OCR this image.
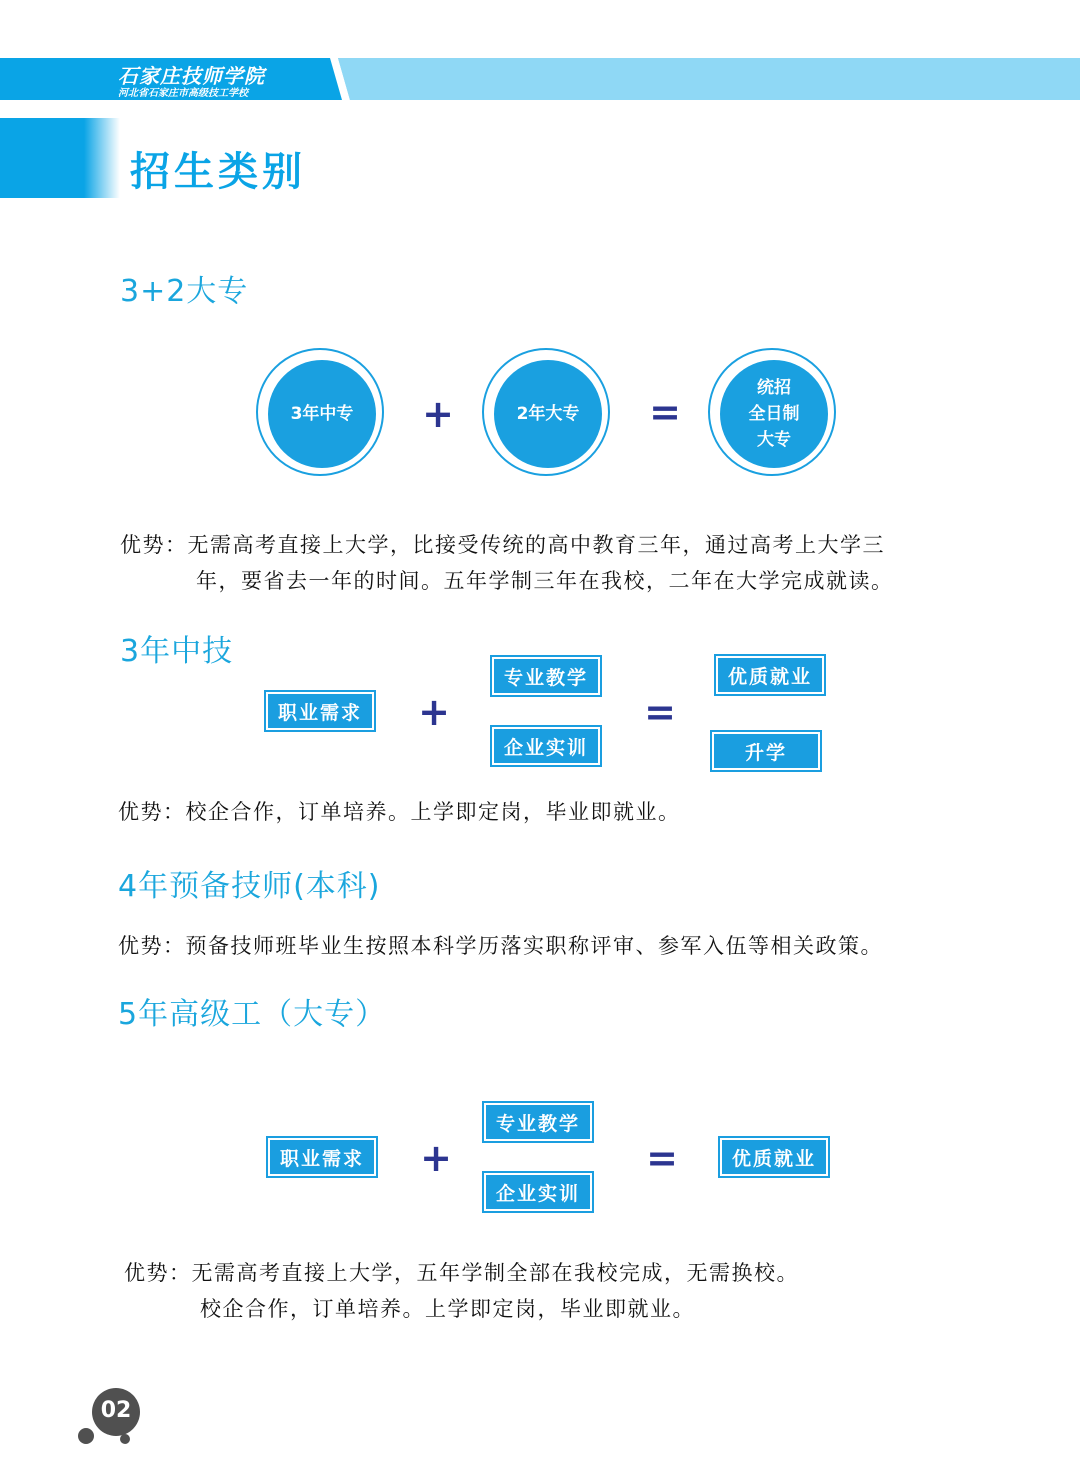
石家庄技师学院
河北省石家庄市高级技工学校
招生类别
3+2大专
3年中专 +	2年大专 =
统招
全日制
大专
优势：无需高考直接上大学，比接受传统的高中教育三年，通过高考上大学三
年，要省去一年的时间。五年学制三年在我校，二年在大学完成就读。
3年中技
职业需求	+
专业教学
企业实训
=
优质就业
升学
优势：校企合作，订单培养。上学即定岗，毕业即就业。
4年预备技师(本科)
优势：预备技师班毕业生按照本科学历落实职称评审、参军入伍等相关政策。
5年高级工（大专）
职业需求	+
专业教学
企业实训
=	优质就业
优势：无需高考直接上大学，五年学制全部在我校完成，无需换校。
校企合作，订单培养。上学即定岗，毕业即就业。
02
